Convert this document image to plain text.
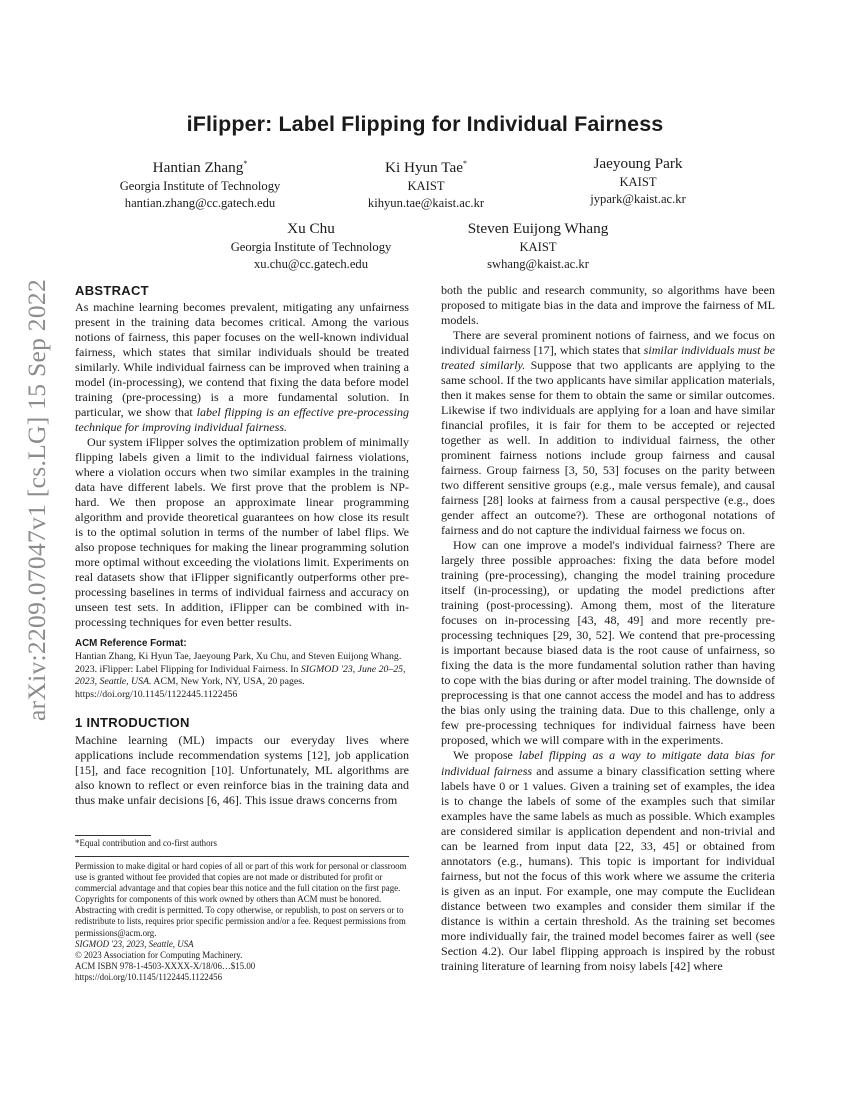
iFlipper: Label Flipping for Individual Fairness
Hantian Zhang*
Georgia Institute of Technology
hantian.zhang@cc.gatech.edu
Ki Hyun Tae*
KAIST
kihyun.tae@kaist.ac.kr
Jaeyoung Park
KAIST
jypark@kaist.ac.kr
Xu Chu
Georgia Institute of Technology
xu.chu@cc.gatech.edu
Steven Euijong Whang
KAIST
swhang@kaist.ac.kr
arXiv:2209.07047v1 [cs.LG] 15 Sep 2022 ABSTRACT

As machine learning becomes prevalent, mitigating any unfairness present in the training data becomes critical. Among the various notions of fairness, this paper focuses on the well-known individual fairness, which states that similar individuals should be treated similarly. While individual fairness can be improved when training a model (in-processing), we contend that fixing the data before model training (pre-processing) is a more fundamental solution. In particular, we show that label flipping is an effective pre-processing technique for improving individual fairness.

Our system iFlipper solves the optimization problem of minimally flipping labels given a limit to the individual fairness violations, where a violation occurs when two similar examples in the training data have different labels. We first prove that the problem is NP-hard. We then propose an approximate linear programming algorithm and provide theoretical guarantees on how close its result is to the optimal solution in terms of the number of label flips. We also propose techniques for making the linear programming solution more optimal without exceeding the violations limit. Experiments on real datasets show that iFlipper significantly outperforms other pre-processing baselines in terms of individual fairness and accuracy on unseen test sets. In addition, iFlipper can be combined with in-processing techniques for even better results.

ACM Reference Format:
Hantian Zhang, Ki Hyun Tae, Jaeyoung Park, Xu Chu, and Steven Euijong Whang. 2023. iFlipper: Label Flipping for Individual Fairness. In SIGMOD '23, June 20–25, 2023, Seattle, USA. ACM, New York, NY, USA, 20 pages. https://doi.org/10.1145/1122445.1122456
1 INTRODUCTION

Machine learning (ML) impacts our everyday lives where applications include recommendation systems [12], job application [15], and face recognition [10]. Unfortunately, ML algorithms are also known to reflect or even reinforce bias in the training data and thus make unfair decisions [6, 46]. This issue draws concerns from

*Equal contribution and co-first authors
Permission to make digital or hard copies of all or part of this work for personal or classroom use is granted without fee provided that copies are not made or distributed for profit or commercial advantage and that copies bear this notice and the full citation on the first page. Copyrights for components of this work owned by others than ACM must be honored. Abstracting with credit is permitted. To copy otherwise, or republish, to post on servers or to redistribute to lists, requires prior specific permission and/or a fee. Request permissions from permissions@acm.org.
SIGMOD '23, 2023, Seattle, USA
© 2023 Association for Computing Machinery.
ACM ISBN 978-1-4503-XXXX-X/18/06…$15.00
https://doi.org/10.1145/1122445.1122456

both the public and research community, so algorithms have been proposed to mitigate bias in the data and improve the fairness of ML models.

There are several prominent notions of fairness, and we focus on individual fairness [17], which states that similar individuals must be treated similarly. Suppose that two applicants are applying to the same school. If the two applicants have similar application materials, then it makes sense for them to obtain the same or similar outcomes. Likewise if two individuals are applying for a loan and have similar financial profiles, it is fair for them to be accepted or rejected together as well. In addition to individual fairness, the other prominent fairness notions include group fairness and causal fairness. Group fairness [3, 50, 53] focuses on the parity between two different sensitive groups (e.g., male versus female), and causal fairness [28] looks at fairness from a causal perspective (e.g., does gender affect an outcome?). These are orthogonal notations of fairness and do not capture the individual fairness we focus on.

How can one improve a model's individual fairness? There are largely three possible approaches: fixing the data before model training (pre-processing), changing the model training procedure itself (in-processing), or updating the model predictions after training (post-processing). Among them, most of the literature focuses on in-processing [43, 48, 49] and more recently pre-processing techniques [29, 30, 52]. We contend that pre-processing is important because biased data is the root cause of unfairness, so fixing the data is the more fundamental solution rather than having to cope with the bias during or after model training. The downside of preprocessing is that one cannot access the model and has to address the bias only using the training data. Due to this challenge, only a few pre-processing techniques for individual fairness have been proposed, which we will compare with in the experiments.

We propose label flipping as a way to mitigate data bias for individual fairness and assume a binary classification setting where labels have 0 or 1 values. Given a training set of examples, the idea is to change the labels of some of the examples such that similar examples have the same labels as much as possible. Which examples are considered similar is application dependent and non-trivial and can be learned from input data [22, 33, 45] or obtained from annotators (e.g., humans). This topic is important for individual fairness, but not the focus of this work where we assume the criteria is given as an input. For example, one may compute the Euclidean distance between two examples and consider them similar if the distance is within a certain threshold. As the training set becomes more individually fair, the trained model becomes fairer as well (see Section 4.2). Our label flipping approach is inspired by the robust training literature of learning from noisy labels [42] where
